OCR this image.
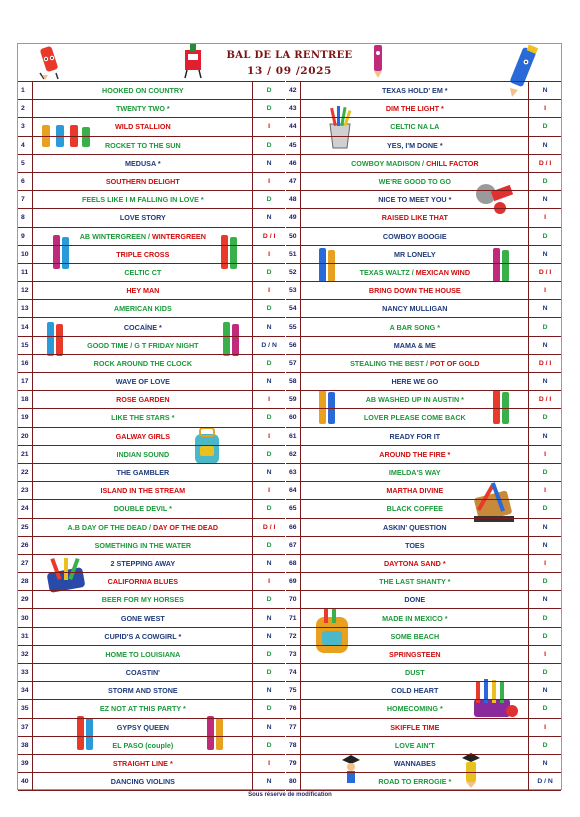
BAL DE LA RENTREE
13 / 09 /2025
1	HOOKED ON COUNTRY	D
2	TWENTY TWO *	D
3	WILD STALLION	I
4	ROCKET TO THE SUN	D
5	MEDUSA *	N
6	SOUTHERN DELIGHT	I
7	FEELS LIKE I M FALLING IN LOVE *	D
8	LOVE STORY	N
9	AB WINTERGREEN / WINTERGREEN	D / I
10	TRIPLE CROSS	I
11	CELTIC CT	D
12	HEY MAN	I
13	AMERICAN KIDS	D
14	COCAÏNE *	N
15	GOOD TIME / G T FRIDAY NIGHT	D / N
16	ROCK AROUND THE CLOCK	D
17	WAVE OF LOVE	N
18	ROSE GARDEN	I
19	LIKE THE STARS *	D
20	GALWAY GIRLS	I
21	INDIAN SOUND	D
22	THE GAMBLER	N
23	ISLAND IN THE STREAM	I
24	DOUBLE DEVIL *	D
25	A.B DAY OF THE DEAD / DAY OF THE DEAD	D / I
26	SOMETHING IN THE WATER	D
27	2 STEPPING AWAY	N
28	CALIFORNIA BLUES	I
29	BEER FOR MY HORSES	D
30	GONE WEST	N
31	CUPID'S A COWGIRL *	N
32	HOME TO LOUISIANA	D
33	COASTIN'	D
34	STORM AND STONE	N
35	EZ NOT AT THIS PARTY *	D
37	GYPSY QUEEN	N
38	EL PASO (couple)	D
39	STRAIGHT LINE *	I
40	DANCING VIOLINS	N
42	TEXAS HOLD' EM *	N
43	DIM THE LIGHT *	I
44	CELTIC NA LA	D
45	YES, I'M DONE *	N
46	COWBOY MADISON / CHILL FACTOR	D / I
47	WE'RE GOOD TO GO	D
48	NICE TO MEET YOU *	N
49	RAISED LIKE THAT	I
50	COWBOY BOOGIE	D
51	MR LONELY	N
52	TEXAS WALTZ / MEXICAN WIND	D / I
53	BRING DOWN THE HOUSE	I
54	NANCY MULLIGAN	N
55	A BAR SONG *	D
56	MAMA & ME	N
57	STEALING THE BEST / POT OF GOLD	D / I
58	HERE WE GO	N
59	AB WASHED UP IN AUSTIN *	D / I
60	LOVER PLEASE COME BACK	D
61	READY FOR IT	N
62	AROUND THE FIRE *	I
63	IMELDA'S WAY	D
64	MARTHA DIVINE	I
65	BLACK COFFEE	D
66	ASKIN' QUESTION	N
67	TOES	N
68	DAYTONA SAND *	I
69	THE LAST SHANTY *	D
70	DONE	N
71	MADE IN MEXICO *	D
72	SOME BEACH	D
73	SPRINGSTEEN	I
74	DUST	D
75	COLD HEART	N
76	HOMECOMING *	D
77	SKIFFLE TIME	I
78	LOVE AIN'T	D
79	WANNABES	N
80	ROAD TO ERROGIE *	D / N
Sous réserve de modification
